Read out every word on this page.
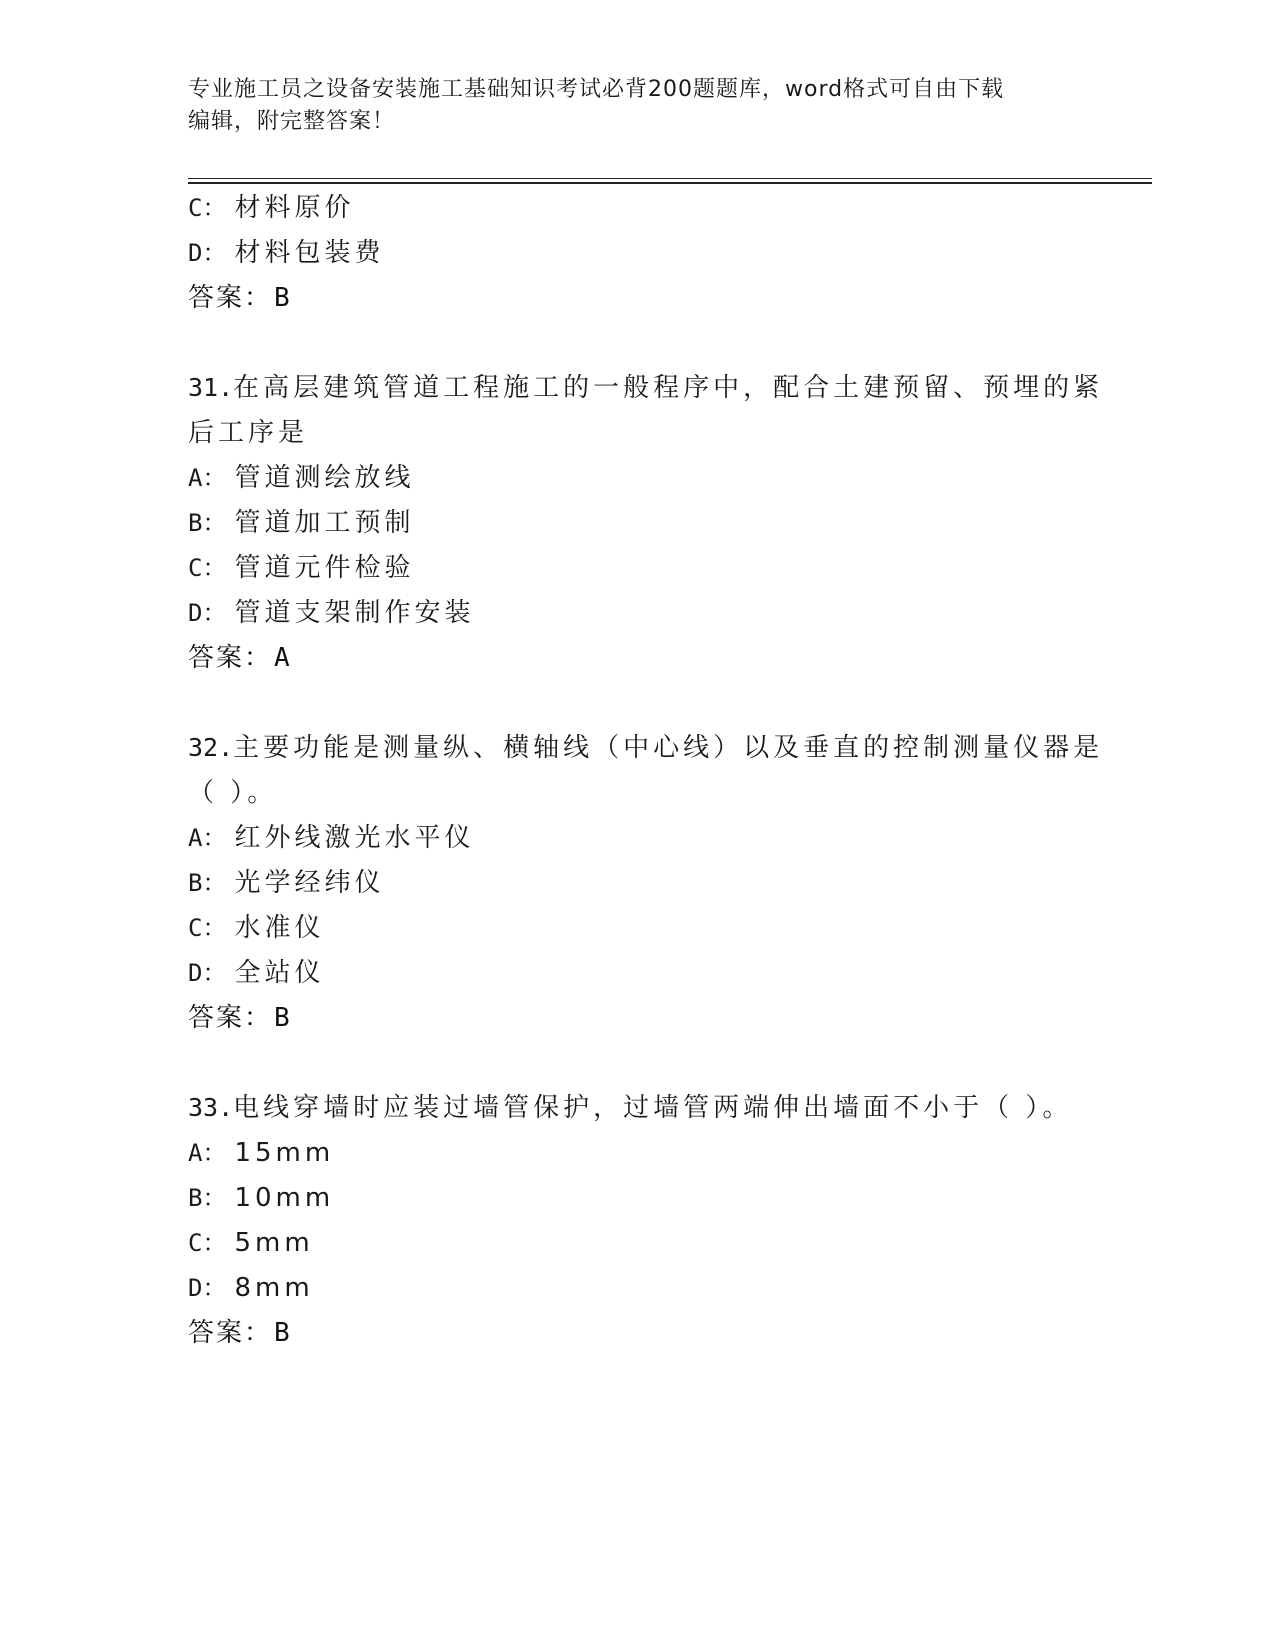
专业施工员之设备安装施工基础知识考试必背200题题库，word格式可自由下载
编辑，附完整答案！
C： 材料原价
D： 材料包装费
答案：B
31.在高层建筑管道工程施工的一般程序中，配合土建预留、预埋的紧
后工序是
A： 管道测绘放线
B： 管道加工预制
C： 管道元件检验
D： 管道支架制作安装
答案：A
32.主要功能是测量纵、横轴线（中心线）以及垂直的控制测量仪器是
（ ）。
A： 红外线激光水平仪
B： 光学经纬仪
C： 水准仪
D： 全站仪
答案：B
33.电线穿墙时应装过墙管保护，过墙管两端伸出墙面不小于（ ）。
A： 15mm
B： 10mm
C： 5mm
D： 8mm
答案：B
